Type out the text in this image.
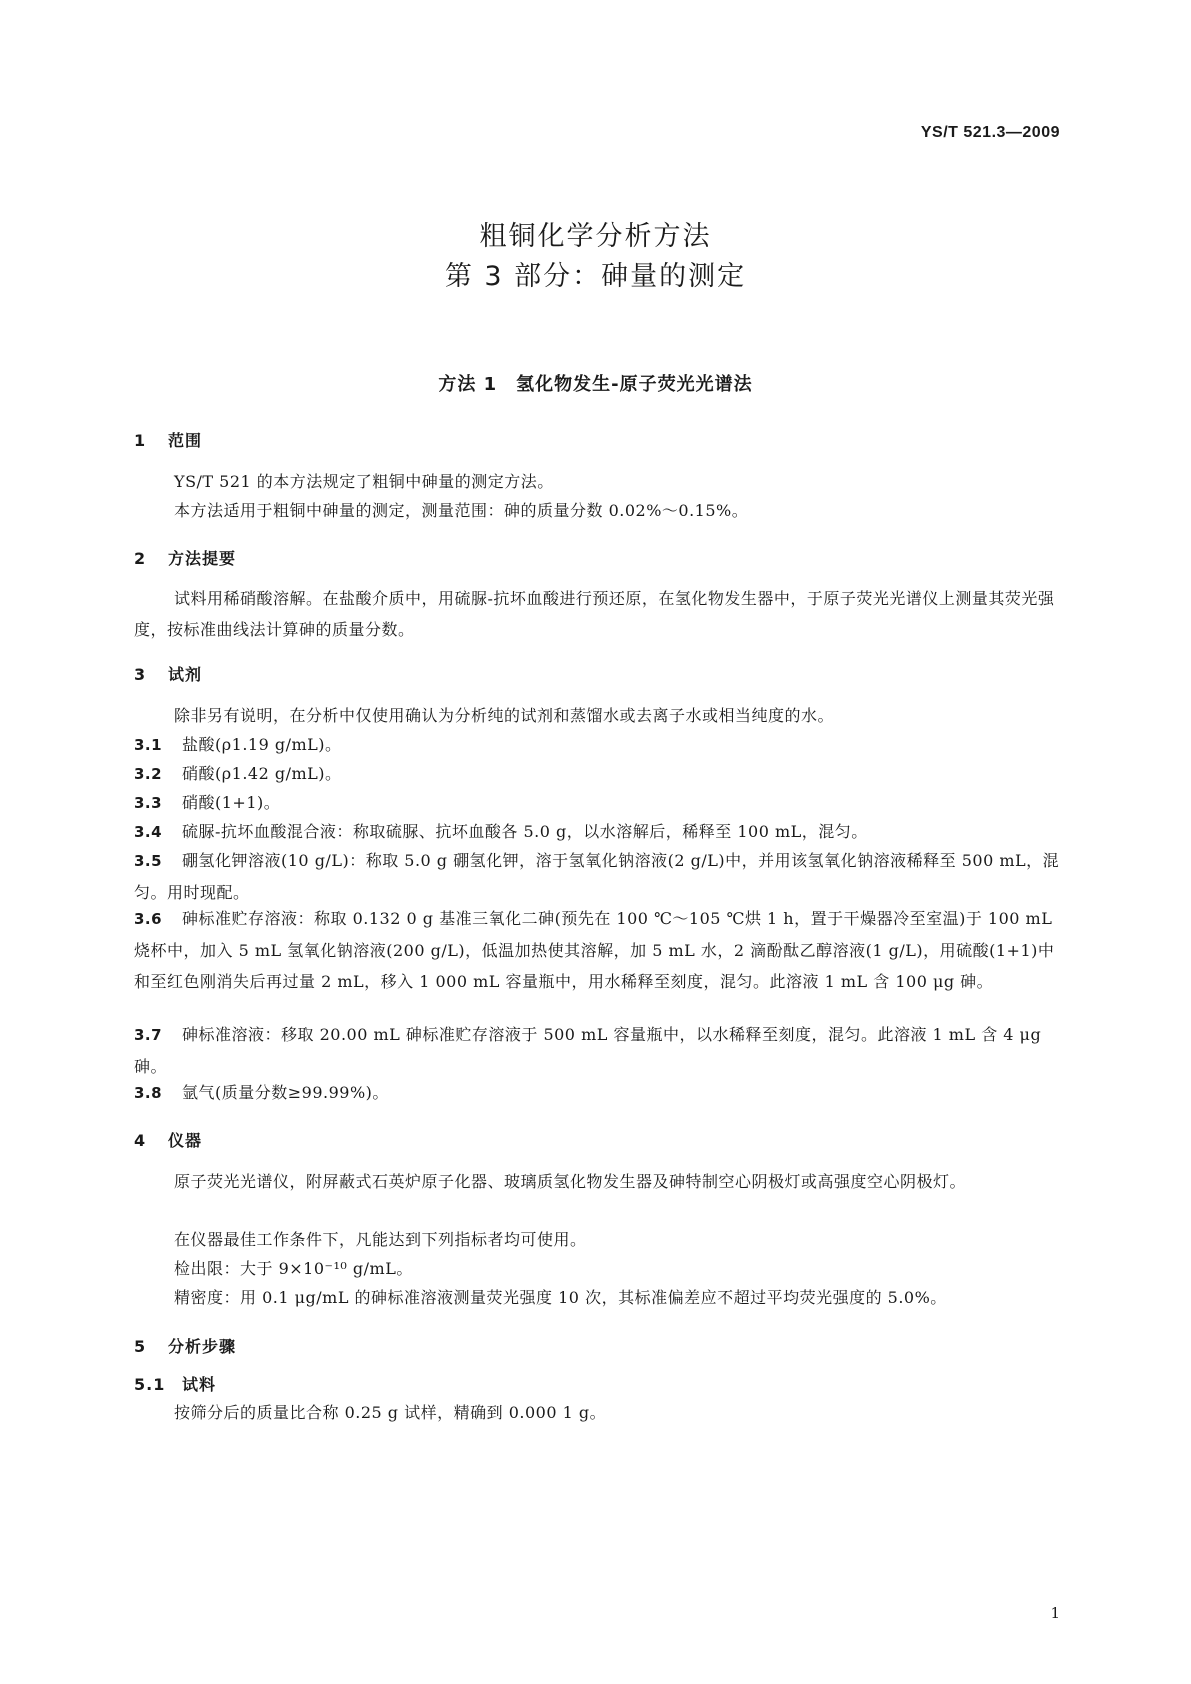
YS/T 521.3—2009
粗铜化学分析方法
第 3 部分：砷量的测定
方法 1　氢化物发生-原子荧光光谱法
1 范围
YS/T 521 的本方法规定了粗铜中砷量的测定方法。
本方法适用于粗铜中砷量的测定，测量范围：砷的质量分数 0.02%～0.15%。
2 方法提要
试料用稀硝酸溶解。在盐酸介质中，用硫脲-抗坏血酸进行预还原，在氢化物发生器中，于原子荧光光谱仪上测量其荧光强度，按标准曲线法计算砷的质量分数。
3 试剂
除非另有说明，在分析中仅使用确认为分析纯的试剂和蒸馏水或去离子水或相当纯度的水。
3.1 盐酸(ρ1.19 g/mL)。
3.2 硝酸(ρ1.42 g/mL)。
3.3 硝酸(1+1)。
3.4 硫脲-抗坏血酸混合液：称取硫脲、抗坏血酸各 5.0 g，以水溶解后，稀释至 100 mL，混匀。
3.5 硼氢化钾溶液(10 g/L)：称取 5.0 g 硼氢化钾，溶于氢氧化钠溶液(2 g/L)中，并用该氢氧化钠溶液稀释至 500 mL，混匀。用时现配。
3.6 砷标准贮存溶液：称取 0.132 0 g 基准三氧化二砷(预先在 100 ℃～105 ℃烘 1 h，置于干燥器冷至室温)于 100 mL 烧杯中，加入 5 mL 氢氧化钠溶液(200 g/L)，低温加热使其溶解，加 5 mL 水，2 滴酚酞乙醇溶液(1 g/L)，用硫酸(1+1)中和至红色刚消失后再过量 2 mL，移入 1 000 mL 容量瓶中，用水稀释至刻度，混匀。此溶液 1 mL 含 100 μg 砷。
3.7 砷标准溶液：移取 20.00 mL 砷标准贮存溶液于 500 mL 容量瓶中，以水稀释至刻度，混匀。此溶液 1 mL 含 4 μg 砷。
3.8 氩气(质量分数≥99.99%)。
4 仪器
原子荧光光谱仪，附屏蔽式石英炉原子化器、玻璃质氢化物发生器及砷特制空心阴极灯或高强度空心阴极灯。
在仪器最佳工作条件下，凡能达到下列指标者均可使用。
检出限：大于 9×10⁻¹⁰ g/mL。
精密度：用 0.1 μg/mL 的砷标准溶液测量荧光强度 10 次，其标准偏差应不超过平均荧光强度的 5.0%。
5 分析步骤
5.1 试料
按筛分后的质量比合称 0.25 g 试样，精确到 0.000 1 g。
1
